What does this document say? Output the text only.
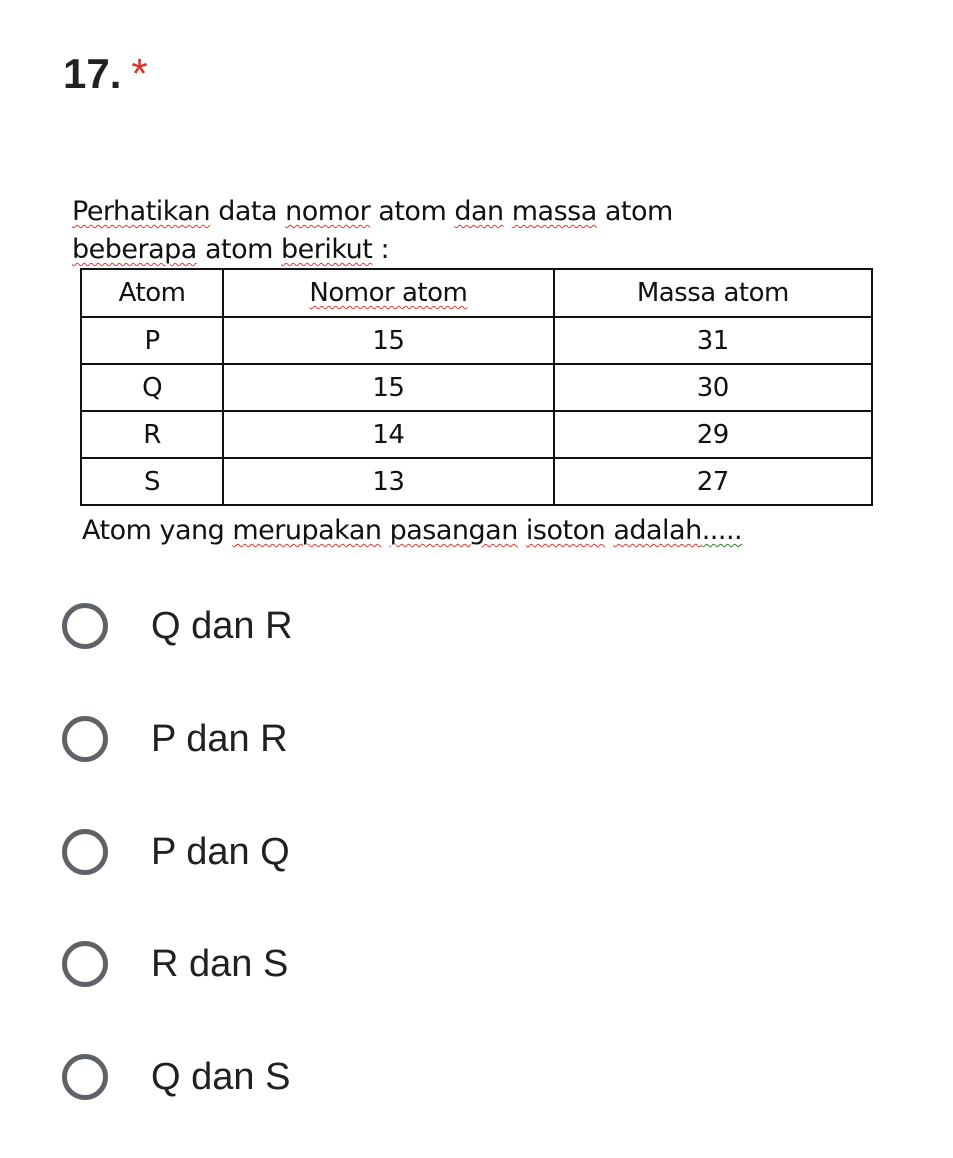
17. *
Perhatikan data nomor atom dan massa atom
beberapa atom berikut :
Atom	Nomor atom	Massa atom
P	15	31
Q	15	30
R	14	29
S	13	27
Atom yang merupakan pasangan isoton adalah.....
Q dan R
P dan R
P dan Q
R dan S
Q dan S
